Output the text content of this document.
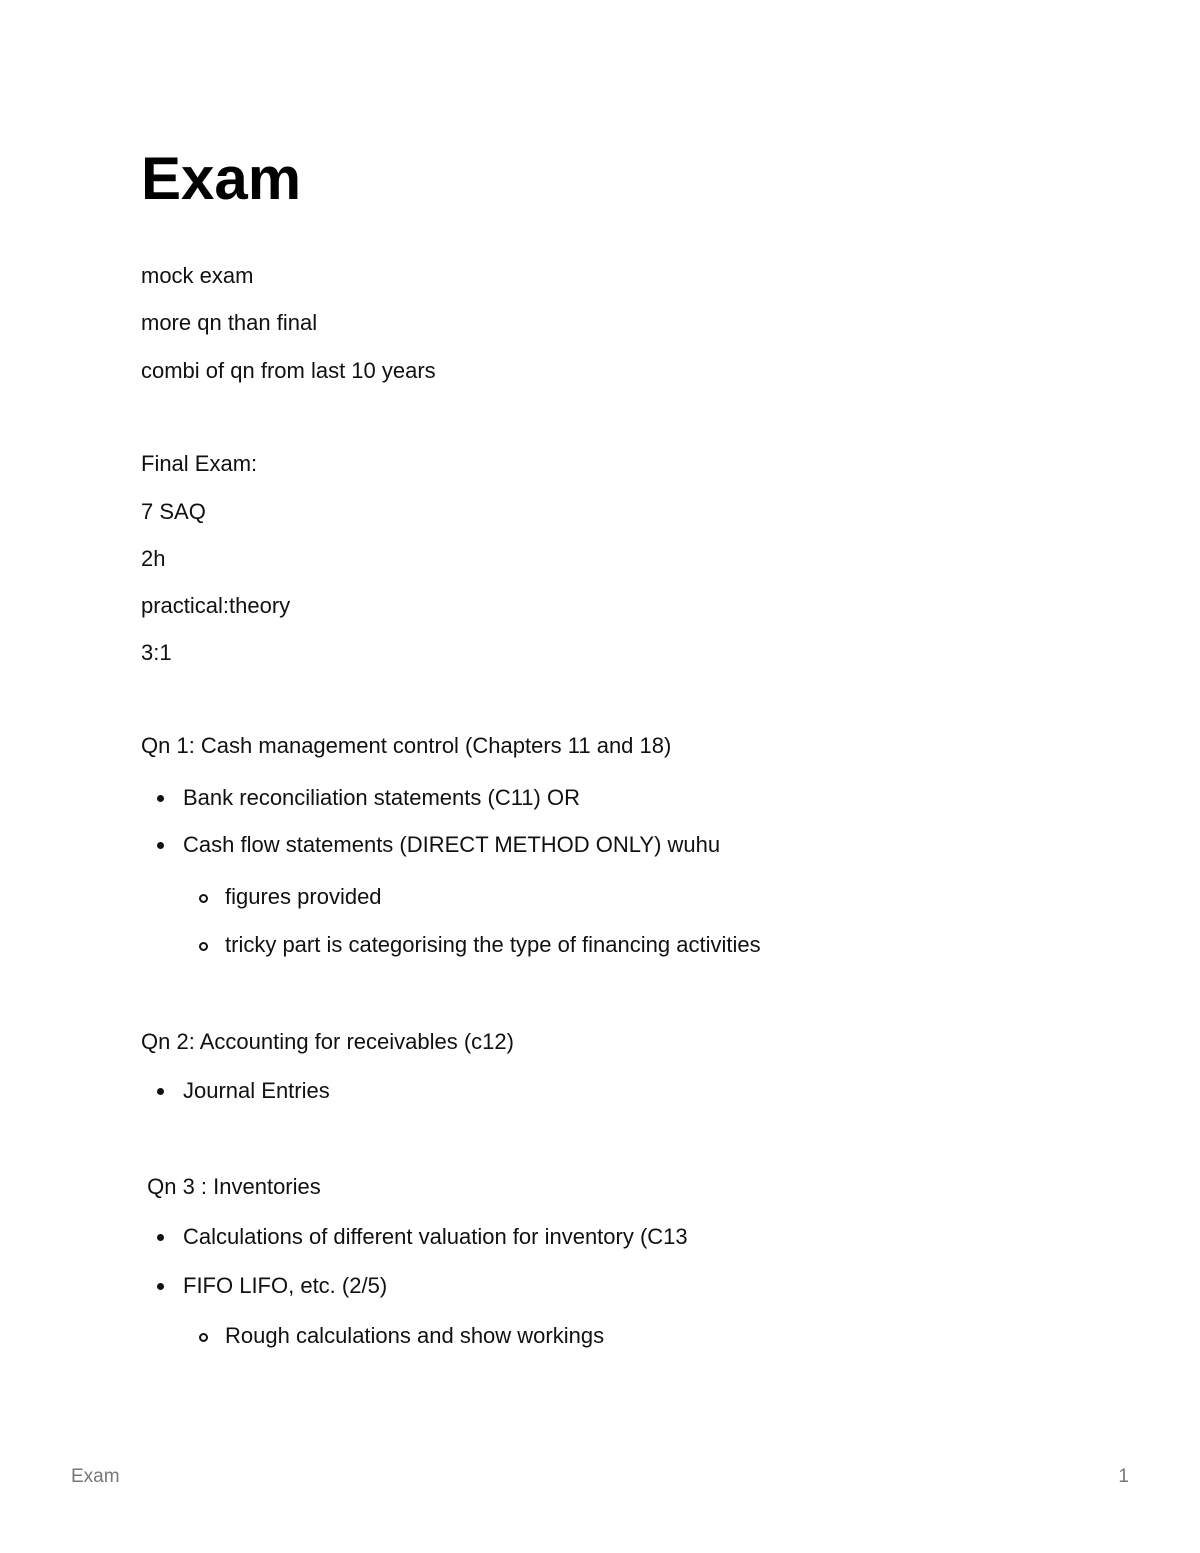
Exam

mock exam

more qn than final

combi of qn from last 10 years

Final Exam:

7 SAQ

2h

practical:theory

3:1

Qn 1: Cash management control (Chapters 11 and 18)

Bank reconciliation statements (C11) OR
Cash flow statements (DIRECT METHOD ONLY) wuhu
figures provided
tricky part is categorising the type of financing activities

Qn 2: Accounting for receivables (c12)

Journal Entries

Qn 3 : Inventories

Calculations of different valuation for inventory (C13
FIFO LIFO, etc. (2/5)
Rough calculations and show workings
Exam	1
